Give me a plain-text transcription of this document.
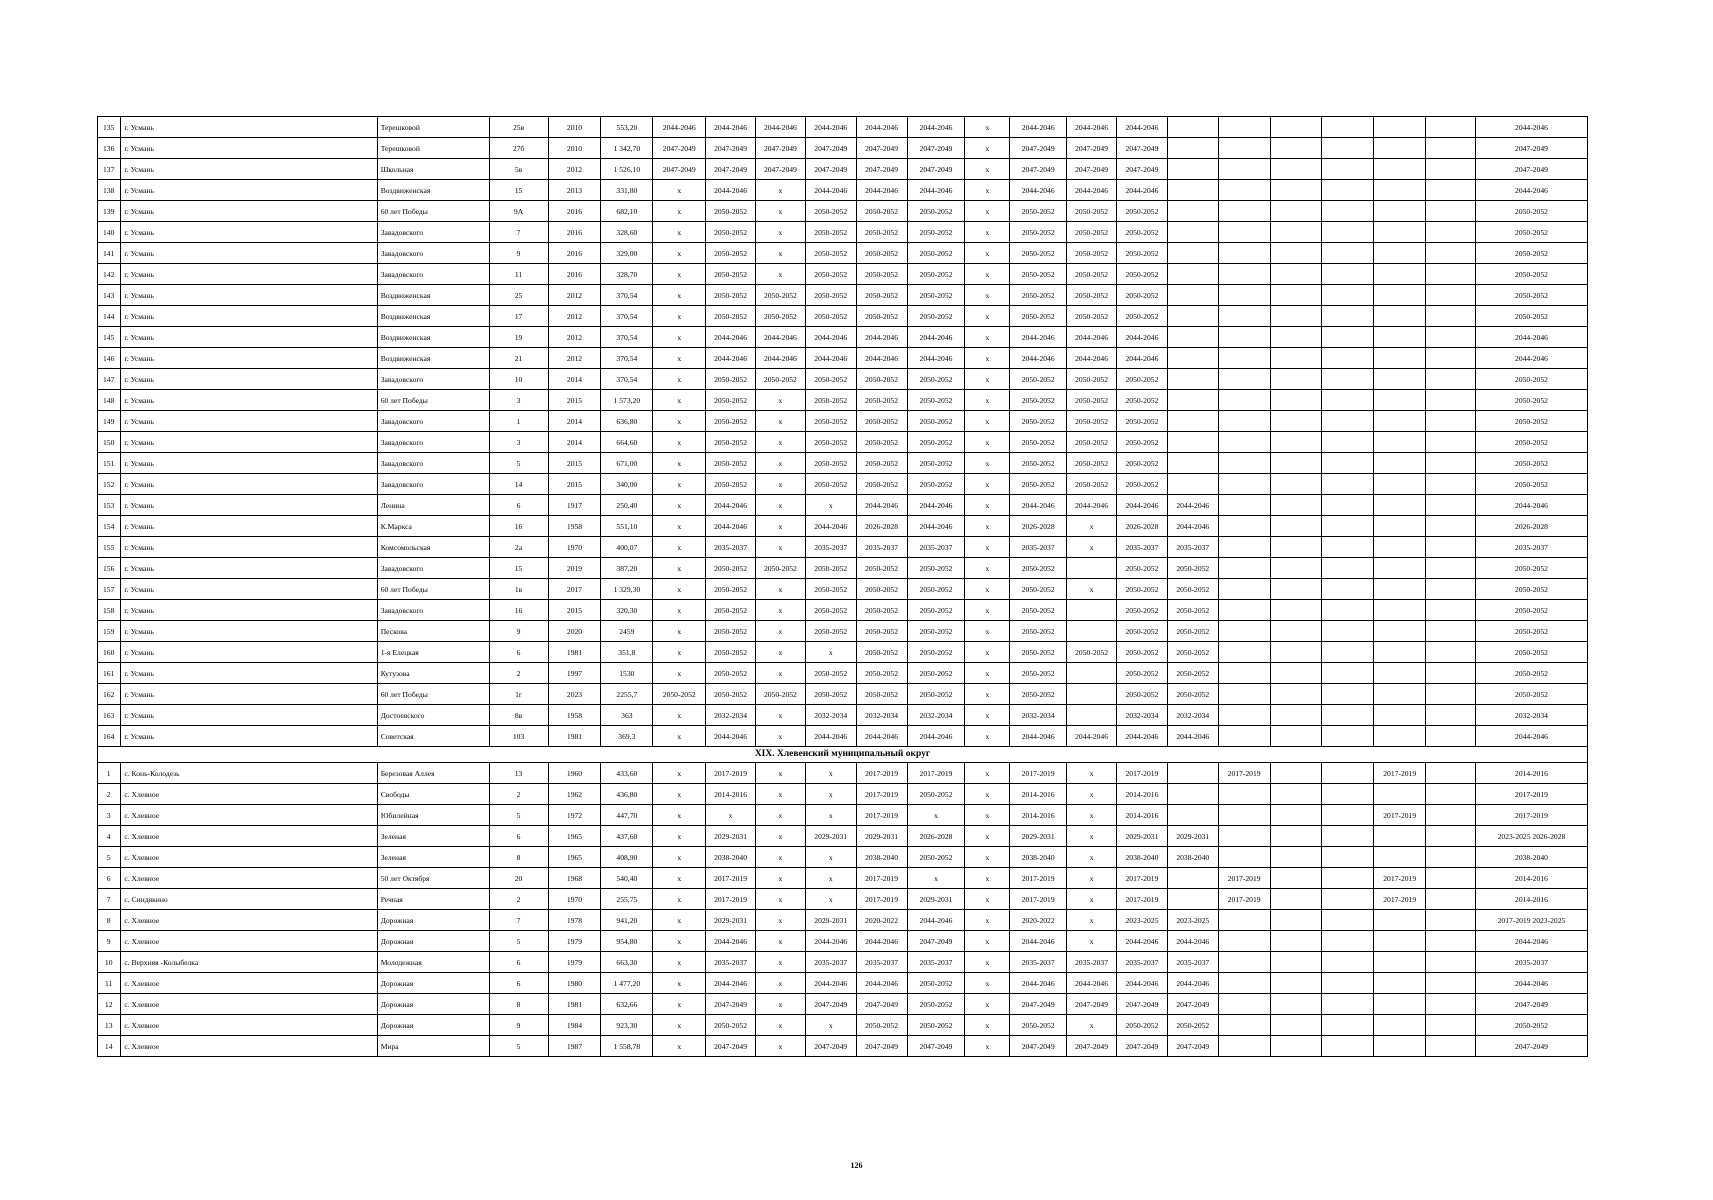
135	г. Усмань	Терешковой	25в	2010	553,20	2044-2046	2044-2046	2044-2046	2044-2046	2044-2046	2044-2046	х	2044-2046	2044-2046	2044-2046							2044-2046
136	г. Усмань	Терешковой	27б	2010	1 342,70	2047-2049	2047-2049	2047-2049	2047-2049	2047-2049	2047-2049	х	2047-2049	2047-2049	2047-2049							2047-2049
137	г. Усмань	Школьная	5в	2012	1 526,10	2047-2049	2047-2049	2047-2049	2047-2049	2047-2049	2047-2049	х	2047-2049	2047-2049	2047-2049							2047-2049
138	г. Усмань	Воздвиженская	15	2013	331,80	х	2044-2046	х	2044-2046	2044-2046	2044-2046	х	2044-2046	2044-2046	2044-2046							2044-2046
139	г. Усмань	60 лет Победы	9А	2016	682,10	х	2050-2052	х	2050-2052	2050-2052	2050-2052	х	2050-2052	2050-2052	2050-2052							2050-2052
140	г. Усмань	Завадовского	7	2016	328,60	х	2050-2052	х	2050-2052	2050-2052	2050-2052	х	2050-2052	2050-2052	2050-2052							2050-2052
141	г. Усмань	Завадовского	9	2016	329,00	х	2050-2052	х	2050-2052	2050-2052	2050-2052	х	2050-2052	2050-2052	2050-2052							2050-2052
142	г. Усмань	Завадовского	11	2016	328,70	х	2050-2052	х	2050-2052	2050-2052	2050-2052	х	2050-2052	2050-2052	2050-2052							2050-2052
143	г. Усмань	Воздвиженская	25	2012	370,54	х	2050-2052	2050-2052	2050-2052	2050-2052	2050-2052	х	2050-2052	2050-2052	2050-2052							2050-2052
144	г. Усмань	Воздвиженская	17	2012	370,54	х	2050-2052	2050-2052	2050-2052	2050-2052	2050-2052	х	2050-2052	2050-2052	2050-2052							2050-2052
145	г. Усмань	Воздвиженская	19	2012	370,54	х	2044-2046	2044-2046	2044-2046	2044-2046	2044-2046	х	2044-2046	2044-2046	2044-2046							2044-2046
146	г. Усмань	Воздвиженская	21	2012	370,54	х	2044-2046	2044-2046	2044-2046	2044-2046	2044-2046	х	2044-2046	2044-2046	2044-2046							2044-2046
147	г. Усмань	Завадовского	10	2014	370,54	х	2050-2052	2050-2052	2050-2052	2050-2052	2050-2052	х	2050-2052	2050-2052	2050-2052							2050-2052
148	г. Усмань	60 лет Победы	3	2015	1 573,20	х	2050-2052	х	2050-2052	2050-2052	2050-2052	х	2050-2052	2050-2052	2050-2052							2050-2052
149	г. Усмань	Завадовского	1	2014	636,80	х	2050-2052	х	2050-2052	2050-2052	2050-2052	х	2050-2052	2050-2052	2050-2052							2050-2052
150	г. Усмань	Завадовского	3	2014	664,60	х	2050-2052	х	2050-2052	2050-2052	2050-2052	х	2050-2052	2050-2052	2050-2052							2050-2052
151	г. Усмань	Завадовского	5	2015	671,00	х	2050-2052	х	2050-2052	2050-2052	2050-2052	х	2050-2052	2050-2052	2050-2052							2050-2052
152	г. Усмань	Завадовского	14	2015	340,00	х	2050-2052	х	2050-2052	2050-2052	2050-2052	х	2050-2052	2050-2052	2050-2052							2050-2052
153	г. Усмань	Ленина	6	1917	250,40	х	2044-2046	х	х	2044-2046	2044-2046	х	2044-2046	2044-2046	2044-2046	2044-2046						2044-2046
154	г. Усмань	К.Маркса	16	1958	551,10	х	2044-2046	х	2044-2046	2026-2028	2044-2046	х	2026-2028	х	2026-2028	2044-2046						2026-2028
155	г. Усмань	Комсомольская	2а	1970	400,07	х	2035-2037	х	2035-2037	2035-2037	2035-2037	х	2035-2037	х	2035-2037	2035-2037						2035-2037
156	г. Усмань	Завадовского	15	2019	387,20	х	2050-2052	2050-2052	2050-2052	2050-2052	2050-2052	х	2050-2052		2050-2052	2050-2052						2050-2052
157	г. Усмань	60 лет Победы	1в	2017	1 329,30	х	2050-2052	х	2050-2052	2050-2052	2050-2052	х	2050-2052	х	2050-2052	2050-2052						2050-2052
158	г. Усмань	Завадовского	16	2015	320,30	х	2050-2052	х	2050-2052	2050-2052	2050-2052	х	2050-2052		2050-2052	2050-2052						2050-2052
159	г. Усмань	Пескова	9	2020	2459	х	2050-2052	х	2050-2052	2050-2052	2050-2052	х	2050-2052		2050-2052	2050-2052						2050-2052
160	г. Усмань	1-я Елецкая	6	1981	351,8	х	2050-2052	х	х	2050-2052	2050-2052	х	2050-2052	2050-2052	2050-2052	2050-2052						2050-2052
161	г. Усмань	Кутузова	2	1997	1530	х	2050-2052	х	2050-2052	2050-2052	2050-2052	х	2050-2052		2050-2052	2050-2052						2050-2052
162	г. Усмань	60 лет Победы	1г	2023	2255,7	2050-2052	2050-2052	2050-2052	2050-2052	2050-2052	2050-2052	х	2050-2052		2050-2052	2050-2052						2050-2052
163	г. Усмань	Достоевского	8в	1958	363	х	2032-2034	х	2032-2034	2032-2034	2032-2034	х	2032-2034		2032-2034	2032-2034						2032-2034
164	г. Усмань	Советская	103	1981	369,3	х	2044-2046	х	2044-2046	2044-2046	2044-2046	х	2044-2046	2044-2046	2044-2046	2044-2046						2044-2046
XIX. Хлевенский муниципальный округ																						
1	с. Конь-Колодезь	Березовая Аллея	13	1960	433,60	х	2017-2019	х	х	2017-2019	2017-2019	х	2017-2019	х	2017-2019		2017-2019			2017-2019		2014-2016
2	с. Хлевное	Свободы	2	1962	436,80	х	2014-2016	х	х	2017-2019	2050-2052	х	2014-2016	х	2014-2016							2017-2019
3	с. Хлевное	Юбилейная	5	1972	447,70	х	х	х	х	2017-2019	х	х	2014-2016	х	2014-2016					2017-2019		2017-2019
4	с. Хлевное	Зеленая	6	1965	437,60	х	2029-2031	х	2029-2031	2029-2031	2026-2028	х	2029-2031	х	2029-2031	2029-2031						2023-2025 2026-2028
5	с. Хлевное	Зеленая	8	1965	408,90	х	2038-2040	х	х	2038-2040	2050-2052	х	2038-2040	х	2038-2040	2038-2040						2038-2040
6	с. Хлевное	50 лет Октября	20	1968	540,40	х	2017-2019	х	х	2017-2019	х	х	2017-2019	х	2017-2019		2017-2019			2017-2019		2014-2016
7	с. Синдякино	Речная	2	1970	255,75	х	2017-2019	х	х	2017-2019	2029-2031	х	2017-2019	х	2017-2019		2017-2019			2017-2019		2014-2016
8	с. Хлевное	Дорожная	7	1978	941,20	х	2029-2031	х	2029-2031	2020-2022	2044-2046	х	2020-2022	х	2023-2025	2023-2025						2017-2019 2023-2025
9	с. Хлевное	Дорожная	5	1979	954,80	х	2044-2046	х	2044-2046	2044-2046	2047-2049	х	2044-2046	х	2044-2046	2044-2046						2044-2046
10	с. Верхняя -Колыбелка	Молодежная	6	1979	663,30	х	2035-2037	х	2035-2037	2035-2037	2035-2037	х	2035-2037	2035-2037	2035-2037	2035-2037						2035-2037
11	с. Хлевное	Дорожная	6	1980	1 477,20	х	2044-2046	х	2044-2046	2044-2046	2050-2052	х	2044-2046	2044-2046	2044-2046	2044-2046						2044-2046
12	с. Хлевное	Дорожная	8	1981	632,66	х	2047-2049	х	2047-2049	2047-2049	2050-2052	х	2047-2049	2047-2049	2047-2049	2047-2049						2047-2049
13	с. Хлевное	Дорожная	9	1984	923,30	х	2050-2052	х	х	2050-2052	2050-2052	х	2050-2052	х	2050-2052	2050-2052						2050-2052
14	с. Хлевное	Мира	5	1987	1 558,78	х	2047-2049	х	2047-2049	2047-2049	2047-2049	х	2047-2049	2047-2049	2047-2049	2047-2049						2047-2049
126
